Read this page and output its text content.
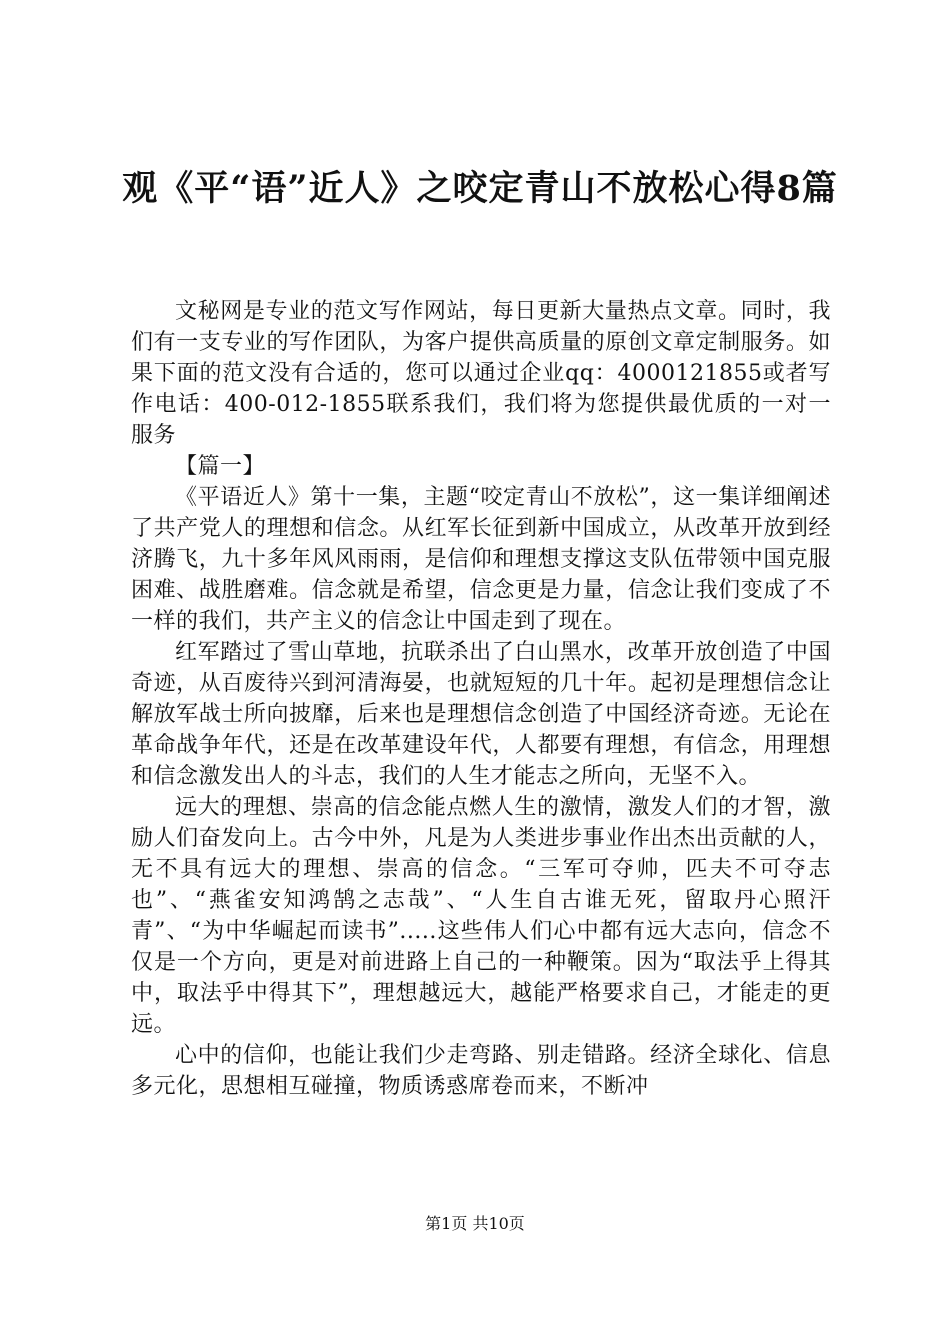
观《平“语”近人》之咬定青山不放松心得8篇

文秘网是专业的范文写作网站，每日更新大量热点文章。同时，我们有一支专业的写作团队，为客户提供高质量的原创文章定制服务。如果下面的范文没有合适的，您可以通过企业qq：4000121855或者写作电话：400-012-1855联系我们，我们将为您提供最优质的一对一服务

【篇一】

《平语近人》第十一集，主题“咬定青山不放松”，这一集详细阐述了共产党人的理想和信念。从红军长征到新中国成立，从改革开放到经济腾飞，九十多年风风雨雨，是信仰和理想支撑这支队伍带领中国克服困难、战胜磨难。信念就是希望，信念更是力量，信念让我们变成了不一样的我们，共产主义的信念让中国走到了现在。

红军踏过了雪山草地，抗联杀出了白山黑水，改革开放创造了中国奇迹，从百废待兴到河清海晏，也就短短的几十年。起初是理想信念让解放军战士所向披靡，后来也是理想信念创造了中国经济奇迹。无论在革命战争年代，还是在改革建设年代，人都要有理想，有信念，用理想和信念激发出人的斗志，我们的人生才能志之所向，无坚不入。

远大的理想、崇高的信念能点燃人生的激情，激发人们的才智，激励人们奋发向上。古今中外，凡是为人类进步事业作出杰出贡献的人，无不具有远大的理想、崇高的信念。“三军可夺帅，匹夫不可夺志也”、“燕雀安知鸿鹄之志哉”、“人生自古谁无死，留取丹心照汗青”、“为中华崛起而读书”.....这些伟人们心中都有远大志向，信念不仅是一个方向，更是对前进路上自己的一种鞭策。因为“取法乎上得其中，取法乎中得其下”，理想越远大，越能严格要求自己，才能走的更远。

心中的信仰，也能让我们少走弯路、别走错路。经济全球化、信息多元化，思想相互碰撞，物质诱惑席卷而来，不断冲

第1页 共10页
